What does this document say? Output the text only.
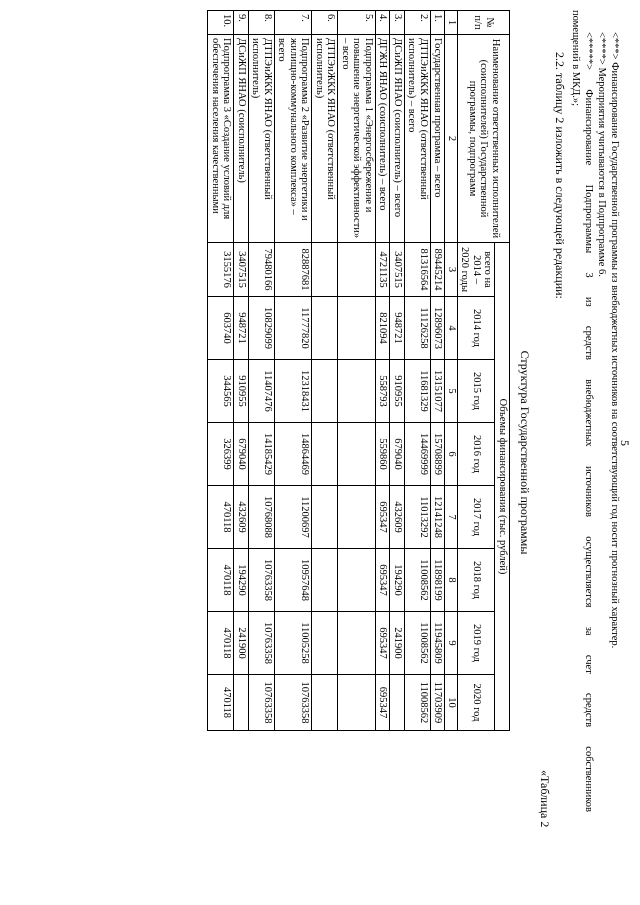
5
<***> Финансирование Государственной программы из внебюджетных источников на соответствующий год носит прогнозный характер.
<****> Мероприятия учитываются в Подпрограмме 6.
<*****> Финансирование Подпрограммы 3 из средств внебюджетных источников осуществляется за счет средств собственников
помещений в МКД.»;
2.2. таблицу 2 изложить в следующей редакции:
«Таблица 2
Структура Государственной программы
№ п/п	Наименование ответственных исполнителей (соисполнителей) Государственной программы, подпрограмм	Объемы финансирования (тыс. рублей)							
		всего на 2014 – 2020 годы	2014 год	2015 год	2016 год	2017 год	2018 год	2019 год	2020 год
1	2	3	4	5	6	7	8	9	10
1.	Государственная программа – всего	89445214	12896073	13151077	15708899	12141248	11898199	11945809	11703909
2.	ДТПЭиЖКК ЯНАО (ответственный исполнитель) – всего	81316564	11126258	11681329	14469999	11013292	11008562	11008562	11008562
3.	ДСиЖП ЯНАО (соисполнитель) – всего	3407515	948721	910955	679040	432609	194290	241900	
4.	ДГЖН ЯНАО (соисполнитель) – всего	4721135	821094	558793	559860	695347	695347	695347	695347
5.	Подпрограмма 1 «Энергосбережение и повышение энергетической эффективности» – всего								
6.	ДТПЭиЖКК ЯНАО (ответственный исполнитель)								
7.	Подпрограмма 2 «Развитие энергетики и жилищно-коммунального комплекса» – всего	82887681	11777820	12318431	14864469	11200697	10957648	11005258	10763358
8.	ДТПЭиЖКК ЯНАО (ответственный исполнитель)	79480166	10829099	11407476	14185429	10768088	10763358	10763358	10763358
9.	ДСиЖП ЯНАО (соисполнитель)	3407515	948721	910955	679040	432609	194290	241900	
10.	Подпрограмма 3 «Создание условий для обеспечения населения качественными	3155176	603740	344565	326399	470118	470118	470118	470118
